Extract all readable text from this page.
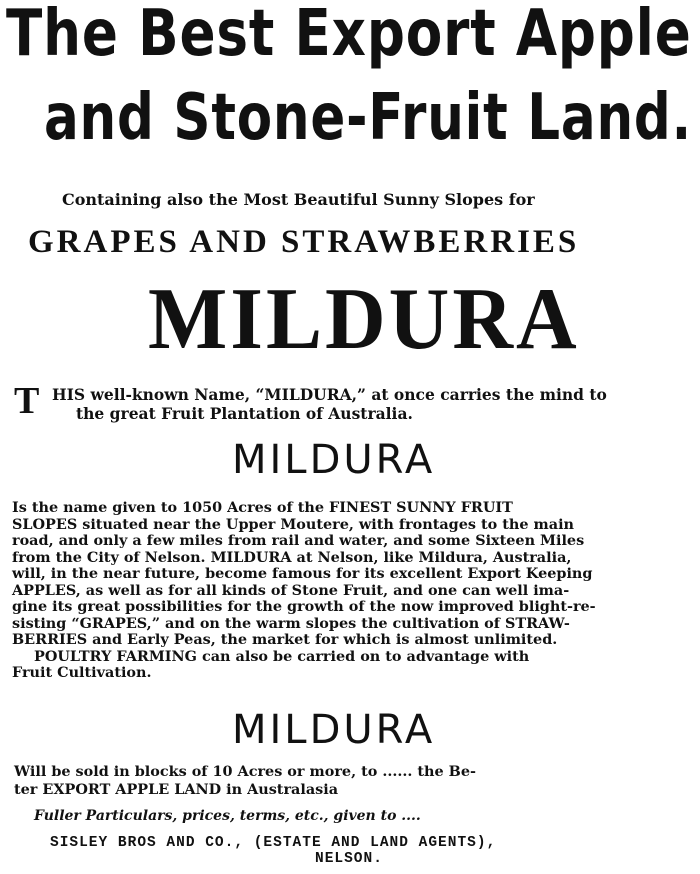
The Best Export Apple
and Stone-Fruit Land.
Containing also the Most Beautiful Sunny Slopes for
GRAPES AND STRAWBERRIES
MILDURA
T HIS well-known Name, “MILDURA,” at once carries the mind to
the great Fruit Plantation of Australia.
MILDURA
Is the name given to 1050 Acres of the FINEST SUNNY FRUIT
SLOPES situated near the Upper Moutere, with frontages to the main
road, and only a few miles from rail and water, and some Sixteen Miles
from the City of Nelson. MILDURA at Nelson, like Mildura, Australia,
will, in the near future, become famous for its excellent Export Keeping
APPLES, as well as for all kinds of Stone Fruit, and one can well ima-
gine its great possibilities for the growth of the now improved blight-re-
sisting “GRAPES,” and on the warm slopes the cultivation of STRAW-
BERRIES and Early Peas, the market for which is almost unlimited.
POULTRY FARMING can also be carried on to advantage with
Fruit Cultivation.
MILDURA
Will be sold in blocks of 10 Acres or more, to ...... the Be-
ter EXPORT APPLE LAND in Australasia
Fuller Particulars, prices, terms, etc., given to ....
SISLEY BROS AND CO., (ESTATE AND LAND AGENTS),
NELSON.
